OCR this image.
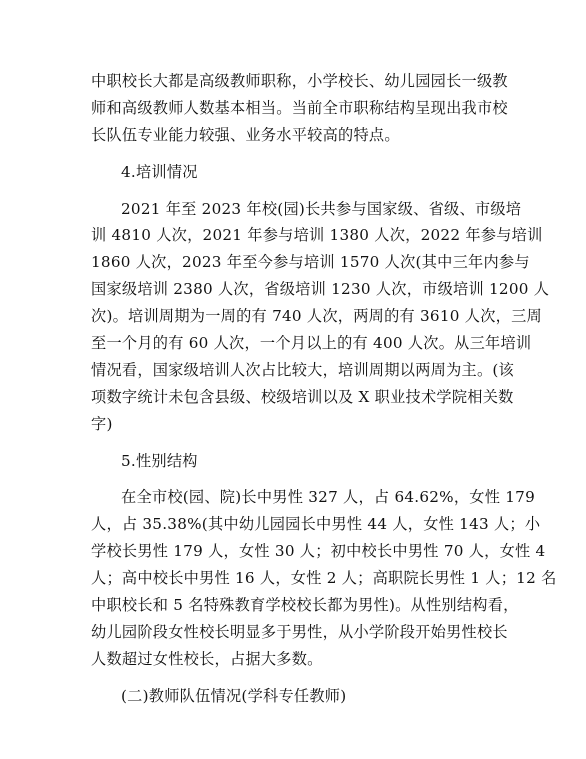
中职校长大都是高级教师职称，小学校长、幼儿园园长一级教
师和高级教师人数基本相当。当前全市职称结构呈现出我市校
长队伍专业能力较强、业务水平较高的特点。
4.培训情况
2021 年至 2023 年校(园)长共参与国家级、省级、市级培
训 4810 人次，2021 年参与培训 1380 人次，2022 年参与培训
1860 人次，2023 年至今参与培训 1570 人次(其中三年内参与
国家级培训 2380 人次，省级培训 1230 人次，市级培训 1200 人
次)。培训周期为一周的有 740 人次，两周的有 3610 人次，三周
至一个月的有 60 人次，一个月以上的有 400 人次。从三年培训
情况看，国家级培训人次占比较大，培训周期以两周为主。(该
项数字统计未包含县级、校级培训以及 X 职业技术学院相关数
字)
5.性别结构
在全市校(园、院)长中男性 327 人，占 64.62%，女性 179
人，占 35.38%(其中幼儿园园长中男性 44 人，女性 143 人；小
学校长男性 179 人，女性 30 人；初中校长中男性 70 人，女性 4
人；高中校长中男性 16 人，女性 2 人；高职院长男性 1 人；12 名
中职校长和 5 名特殊教育学校校长都为男性)。从性别结构看，
幼儿园阶段女性校长明显多于男性，从小学阶段开始男性校长
人数超过女性校长，占据大多数。
(二)教师队伍情况(学科专任教师)
